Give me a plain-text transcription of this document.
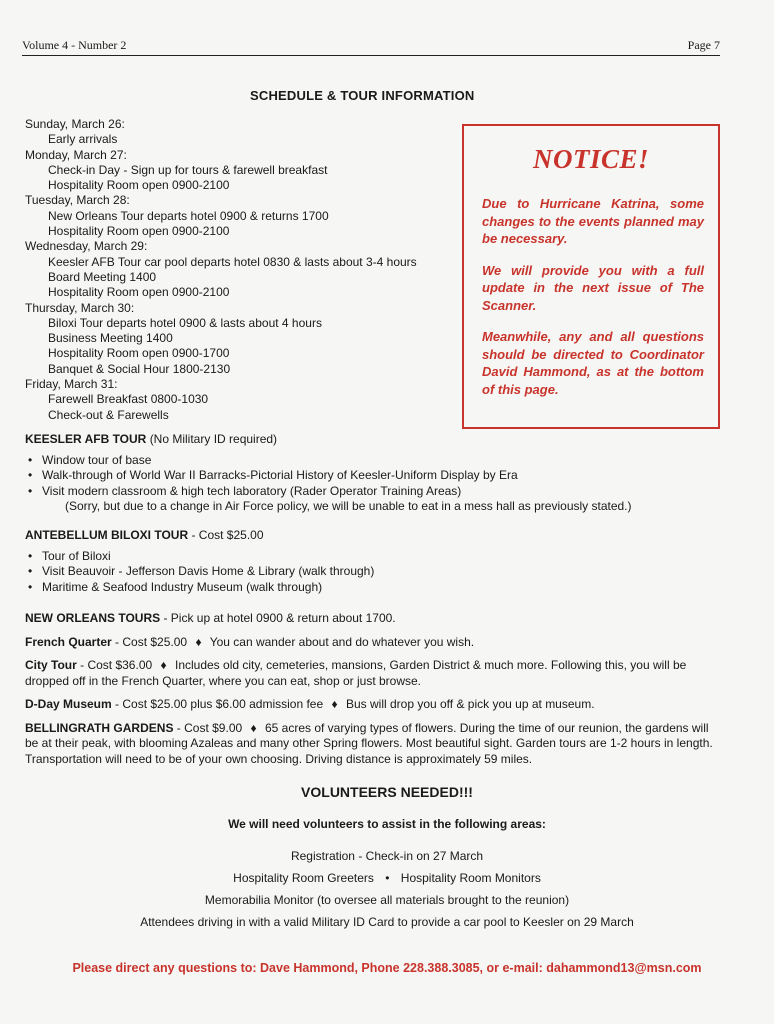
Volume 4 - Number 2	Page 7
SCHEDULE & TOUR INFORMATION
Sunday, March 26:
Early arrivals
Monday, March 27:
Check-in Day - Sign up for tours & farewell breakfast
Hospitality Room open 0900-2100
Tuesday, March 28:
New Orleans Tour departs hotel 0900 & returns 1700
Hospitality Room open 0900-2100
Wednesday, March 29:
Keesler AFB Tour car pool departs hotel 0830 & lasts about 3-4 hours
Board Meeting 1400
Hospitality Room open 0900-2100
Thursday, March 30:
Biloxi Tour departs hotel 0900 & lasts about 4 hours
Business Meeting 1400
Hospitality Room open 0900-1700
Banquet & Social Hour 1800-2130
Friday, March 31:
Farewell Breakfast 0800-1030
Check-out & Farewells
NOTICE!

Due to Hurricane Katrina, some changes to the events planned may be necessary.

We will provide you with a full update in the next issue of The Scanner.

Meanwhile, any and all questions should be directed to Coordinator David Hammond, as at the bottom of this page.

KEESLER AFB TOUR (No Military ID required)
• Window tour of base
• Walk-through of World War II Barracks-Pictorial History of Keesler-Uniform Display by Era
• Visit modern classroom & high tech laboratory (Rader Operator Training Areas)
(Sorry, but due to a change in Air Force policy, we will be unable to eat in a mess hall as previously stated.)
ANTEBELLUM BILOXI TOUR - Cost $25.00
• Tour of Biloxi
• Visit Beauvoir - Jefferson Davis Home & Library (walk through)
• Maritime & Seafood Industry Museum (walk through)
NEW ORLEANS TOURS - Pick up at hotel 0900 & return about 1700.
French Quarter - Cost $25.00 ♦ You can wander about and do whatever you wish.
City Tour - Cost $36.00 ♦ Includes old city, cemeteries, mansions, Garden District & much more. Following this, you will be dropped off in the French Quarter, where you can eat, shop or just browse.
D-Day Museum - Cost $25.00 plus $6.00 admission fee ♦ Bus will drop you off & pick you up at museum.
BELLINGRATH GARDENS - Cost $9.00 ♦ 65 acres of varying types of flowers. During the time of our reunion, the gardens will be at their peak, with blooming Azaleas and many other Spring flowers. Most beautiful sight. Garden tours are 1-2 hours in length. Transportation will need to be of your own choosing. Driving distance is approximately 59 miles.
VOLUNTEERS NEEDED!!!
We will need volunteers to assist in the following areas:
Registration - Check-in on 27 March
Hospitality Room Greeters • Hospitality Room Monitors
Memorabilia Monitor (to oversee all materials brought to the reunion)
Attendees driving in with a valid Military ID Card to provide a car pool to Keesler on 29 March
Please direct any questions to: Dave Hammond, Phone 228.388.3085, or e-mail: dahammond13@msn.com
